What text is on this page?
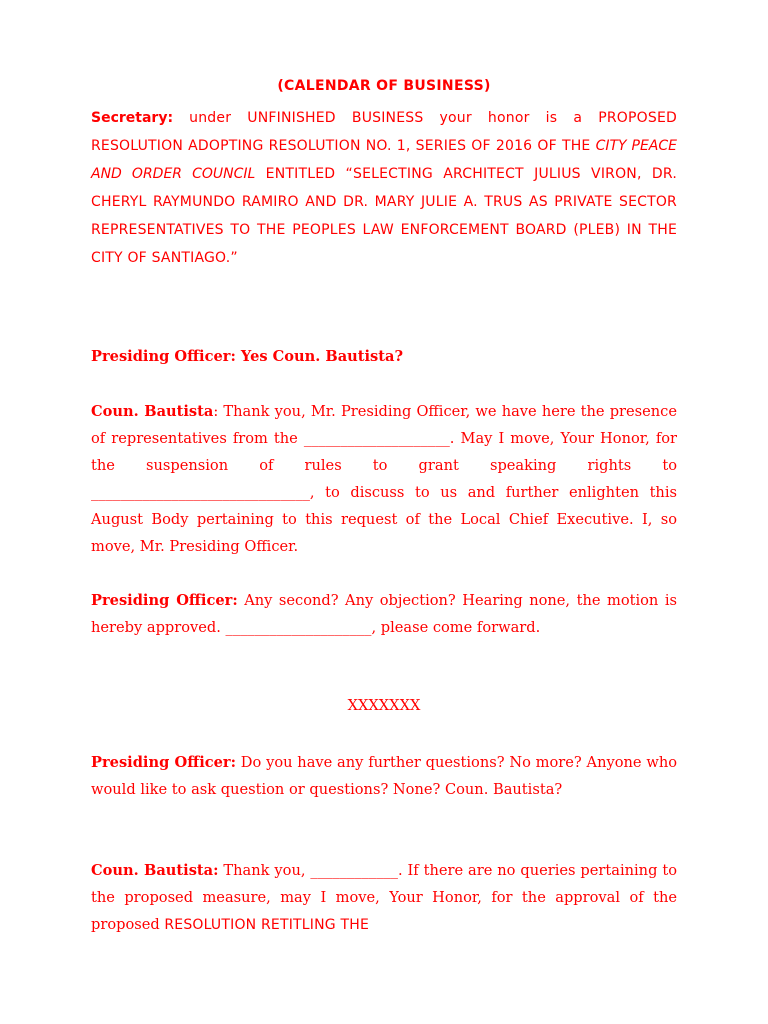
(CALENDAR OF BUSINESS)

Secretary: under UNFINISHED BUSINESS your honor is a PROPOSED RESOLUTION ADOPTING RESOLUTION NO. 1, SERIES OF 2016 OF THE CITY PEACE AND ORDER COUNCIL ENTITLED “SELECTING ARCHITECT JULIUS VIRON, DR. CHERYL RAYMUNDO RAMIRO AND DR. MARY JULIE A. TRUS AS PRIVATE SECTOR REPRESENTATIVES TO THE PEOPLES LAW ENFORCEMENT BOARD (PLEB) IN THE CITY OF SANTIAGO.”

Presiding Officer: Yes Coun. Bautista?

Coun. Bautista: Thank you, Mr. Presiding Officer, we have here the presence of representatives from the ____________________. May I move, Your Honor, for the suspension of rules to grant speaking rights to ______________________________, to discuss to us and further enlighten this August Body pertaining to this request of the Local Chief Executive. I, so move, Mr. Presiding Officer.

Presiding Officer: Any second? Any objection? Hearing none, the motion is hereby approved. ____________________, please come forward.

XXXXXXX

Presiding Officer: Do you have any further questions? No more? Anyone who would like to ask question or questions? None? Coun. Bautista?

Coun. Bautista: Thank you, ____________. If there are no queries pertaining to the proposed measure, may I move, Your Honor, for the approval of the proposed RESOLUTION RETITLING THE
